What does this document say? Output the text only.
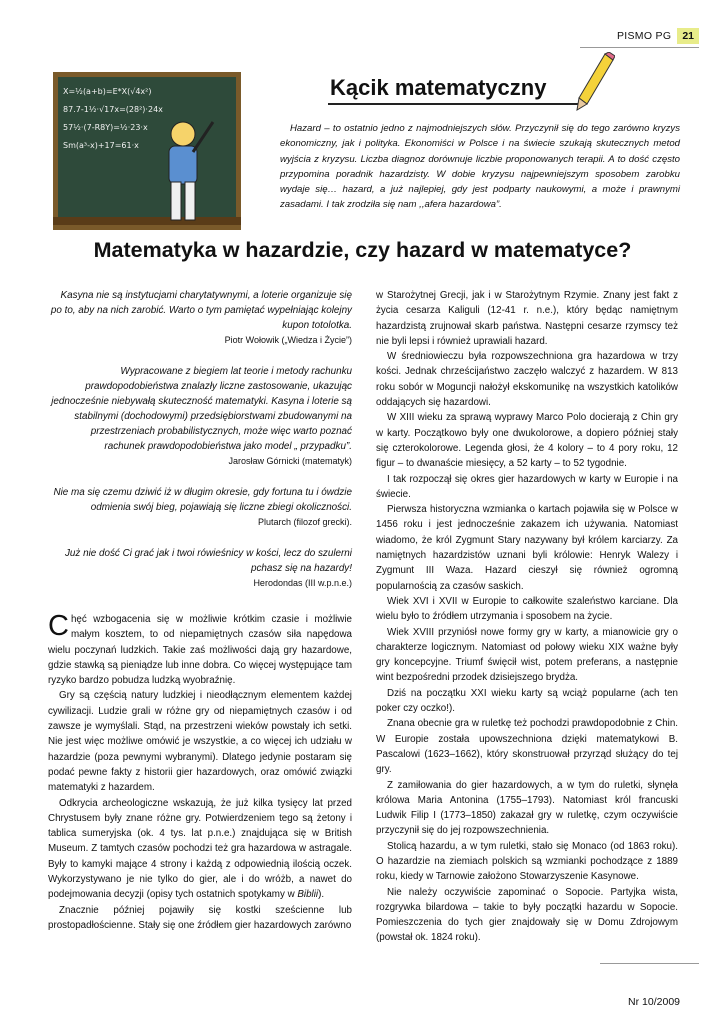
PISMO PG	21
X=½(a+b)=E*X(√4x²)
87.7-1½·√17x=(28²)·24x
57½·(7-R8Y)=½·23·x
Sm(a³-x)+17=61·x
Kącik matematyczny
Hazard – to ostatnio jedno z najmodniejszych słów. Przyczynił się do tego zarówno kryzys ekonomiczny, jak i polityka. Ekonomiści w Polsce i na świecie szukają skutecznych metod wyjścia z kryzysu. Liczba diagnoz dorównuje liczbie proponowanych terapii. A to dość często przypomina poradnik hazardzisty. W dobie kryzysu najpewniejszym sposobem zarobku wydaje się… hazard, a już najlepiej, gdy jest podparty naukowymi, a może i prawnymi zasadami. I tak zrodziła się nam ,,afera hazardowa”.
Matematyka w hazardzie, czy hazard w matematyce?
Kasyna nie są instytucjami charytatywnymi, a loterie organizuje się po to, aby na nich zarobić. Warto o tym pamiętać wypełniając kolejny kupon totolotka.
Piotr Wołowik („Wiedza i Życie”)
Wypracowane z biegiem lat teorie i metody rachunku prawdopodobieństwa znalazły liczne zastosowanie, ukazując jednocześnie niebywałą skuteczność matematyki. Kasyna i loterie są stabilnymi (dochodowymi) przedsiębiorstwami zbudowanymi na przestrzeniach probabilistycznych, może więc warto poznać rachunek prawdopodobieństwa jako model „ przypadku”.
Jarosław Górnicki (matematyk)
Nie ma się czemu dziwić iż w długim okresie, gdy fortuna tu i ówdzie odmienia swój bieg, pojawiają się liczne zbiegi okoliczności.
Plutarch (filozof grecki).
Już nie dość Ci grać jak i twoi rówieśnicy w kości, lecz do szulerni pchasz się na hazardy!
Herodondas (III w.p.n.e.)

Chęć wzbogacenia się w możliwie krótkim czasie i możliwie małym kosztem, to od niepamiętnych czasów siła napędowa wielu poczynań ludzkich. Takie zaś możliwości dają gry hazardowe, gdzie stawką są pieniądze lub inne dobra. Co więcej występujące tam ryzyko bardzo pobudza ludzką wyobraźnię.

Gry są częścią natury ludzkiej i nieodłącznym elementem każdej cywilizacji. Ludzie grali w różne gry od niepamiętnych czasów i od zawsze je wymyślali. Stąd, na przestrzeni wieków powstały ich setki. Nie jest więc możliwe omówić je wszystkie, a co więcej ich udziału w hazardzie (poza pewnymi wybranymi). Dlatego jedynie postaram się podać pewne fakty z historii gier hazardowych, oraz omówić związki matematyki z hazardem.

Odkrycia archeologiczne wskazują, że już kilka tysięcy lat przed Chrystusem były znane różne gry. Potwierdzeniem tego są żetony i tablica sumeryjska (ok. 4 tys. lat p.n.e.) znajdująca się w British Museum. Z tamtych czasów pochodzi też gra hazardowa w astragale. Były to kamyki mające 4 strony i każdą z odpowiednią ilością oczek. Wykorzystywano je nie tylko do gier, ale i do wróżb, a nawet do podejmowania decyzji (opisy tych ostatnich spotykamy w Biblii).

Znacznie później pojawiły się kostki sześcienne lub prostopadłościenne. Stały się one źródłem gier hazardowych zarówno

w Starożytnej Grecji, jak i w Starożytnym Rzymie. Znany jest fakt z życia cesarza Kaliguli (12-41 r. n.e.), który będąc namiętnym hazardzistą zrujnował skarb państwa. Następni cesarze rzymscy też nie byli lepsi i również uprawiali hazard.

W średniowieczu była rozpowszechniona gra hazardowa w trzy kości. Jednak chrześcijaństwo zaczęło walczyć z hazardem. W 813 roku sobór w Moguncji nałożył ekskomunikę na wszystkich katolików oddających się hazardowi.

W XIII wieku za sprawą wyprawy Marco Polo docierają z Chin gry w karty. Początkowo były one dwukolorowe, a dopiero później stały się czterokolorowe. Legenda głosi, że 4 kolory – to 4 pory roku, 12 figur – to dwanaście miesięcy, a 52 karty – to 52 tygodnie.

I tak rozpoczął się okres gier hazardowych w karty w Europie i na świecie.

Pierwsza historyczna wzmianka o kartach pojawiła się w Polsce w 1456 roku i jest jednocześnie zakazem ich używania. Natomiast wiadomo, że król Zygmunt Stary nazywany był królem karciarzy. Za namiętnych hazardzistów uznani byli królowie: Henryk Walezy i Zygmunt III Waza. Hazard cieszył się również ogromną popularnością za czasów saskich.

Wiek XVI i XVII w Europie to całkowite szaleństwo karciane. Dla wielu było to źródłem utrzymania i sposobem na życie.

Wiek XVIII przyniósł nowe formy gry w karty, a mianowicie gry o charakterze logicznym. Natomiast od połowy wieku XIX ważne były gry koncepcyjne. Triumf święcił wist, potem preferans, a następnie wint bezpośredni przodek dzisiejszego brydża.

Dziś na początku XXI wieku karty są wciąż popularne (ach ten poker czy oczko!).

Znana obecnie gra w ruletkę też pochodzi prawdopodobnie z Chin. W Europie została upowszechniona dzięki matematykowi B. Pascalowi (1623–1662), który skonstruował przyrząd służący do tej gry.

Z zamiłowania do gier hazardowych, a w tym do ruletki, słynęła królowa Maria Antonina (1755–1793). Natomiast król francuski Ludwik Filip I (1773–1850) zakazał gry w ruletkę, czym oczywiście przyczynił się do jej rozpowszechnienia.

Stolicą hazardu, a w tym ruletki, stało się Monaco (od 1863 roku). O hazardzie na ziemiach polskich są wzmianki pochodzące z 1889 roku, kiedy w Tarnowie założono Stowarzyszenie Kasynowe.

Nie należy oczywiście zapominać o Sopocie. Partyjka wista, rozgrywka bilardowa – takie to były początki hazardu w Sopocie. Pomieszczenia do tych gier znajdowały się w Domu Zdrojowym (powstał ok. 1824 roku).

Nr 10/2009
